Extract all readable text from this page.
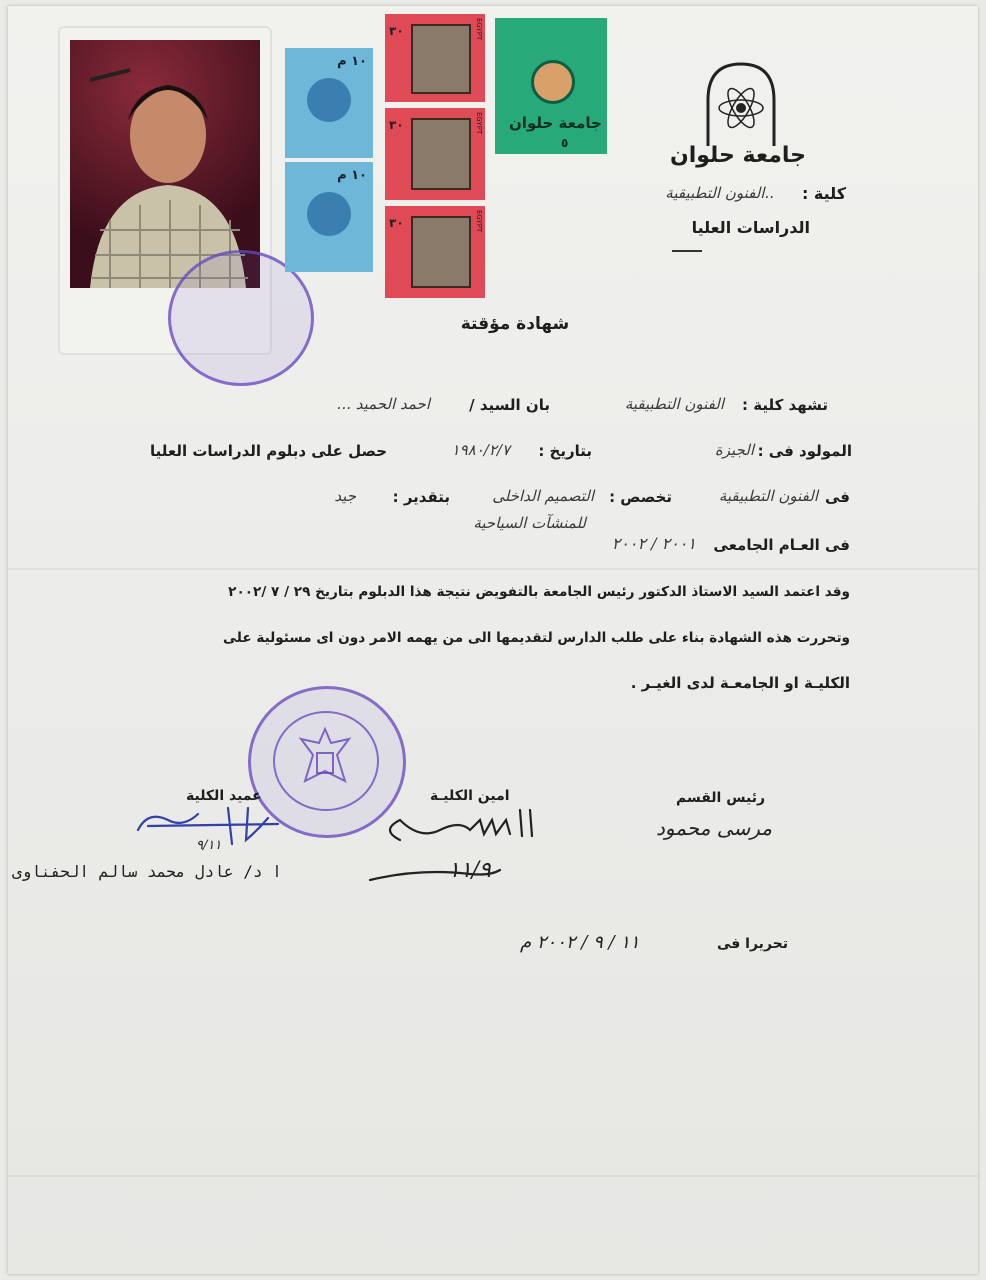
١٠ م
١٠ م
٣٠	EGYPT
٣٠	EGYPT
٣٠	EGYPT
جامعة حلوان
٥	جامعة حلوان
كلية :
..الفنون التطبيقية
الدراسات العليا
شهادة مؤقتة
تشهد كلية :
الفنون التطبيقية
بان السيد /
احمد الحميد ...
المولود فى :
الجيزة
بتاريخ :
١٩٨٠/٢/٧
حصل على دبلوم الدراسات العليا
فى
الفنون التطبيقية
تخصص :
التصميم الداخلى
بتقدير :
جيد
للمنشآت السياحية
فى العـام الجامعى
٢٠٠١ / ٢٠٠٢
وقد اعتمد السيد الاستاذ الدكتور رئيس الجامعة بالتفويض نتيجة هذا الدبلوم بتاريخ ٢٩ / ٧ /٢٠٠٢
وتحررت هذه الشهادة بناء على طلب الدارس لتقديمها الى من يهمه الامر دون اى مسئولية على
الكليـة او الجامعـة لدى الغيـر .
عميد الكلية	امين الكليـة	رئيس القسم
٩/١١
ا د/ عادل محمد سالم الحفناوى	١١/٩
مرسى محمود
تحريرا فى
١١ / ٩ / ٢٠٠٢ م
